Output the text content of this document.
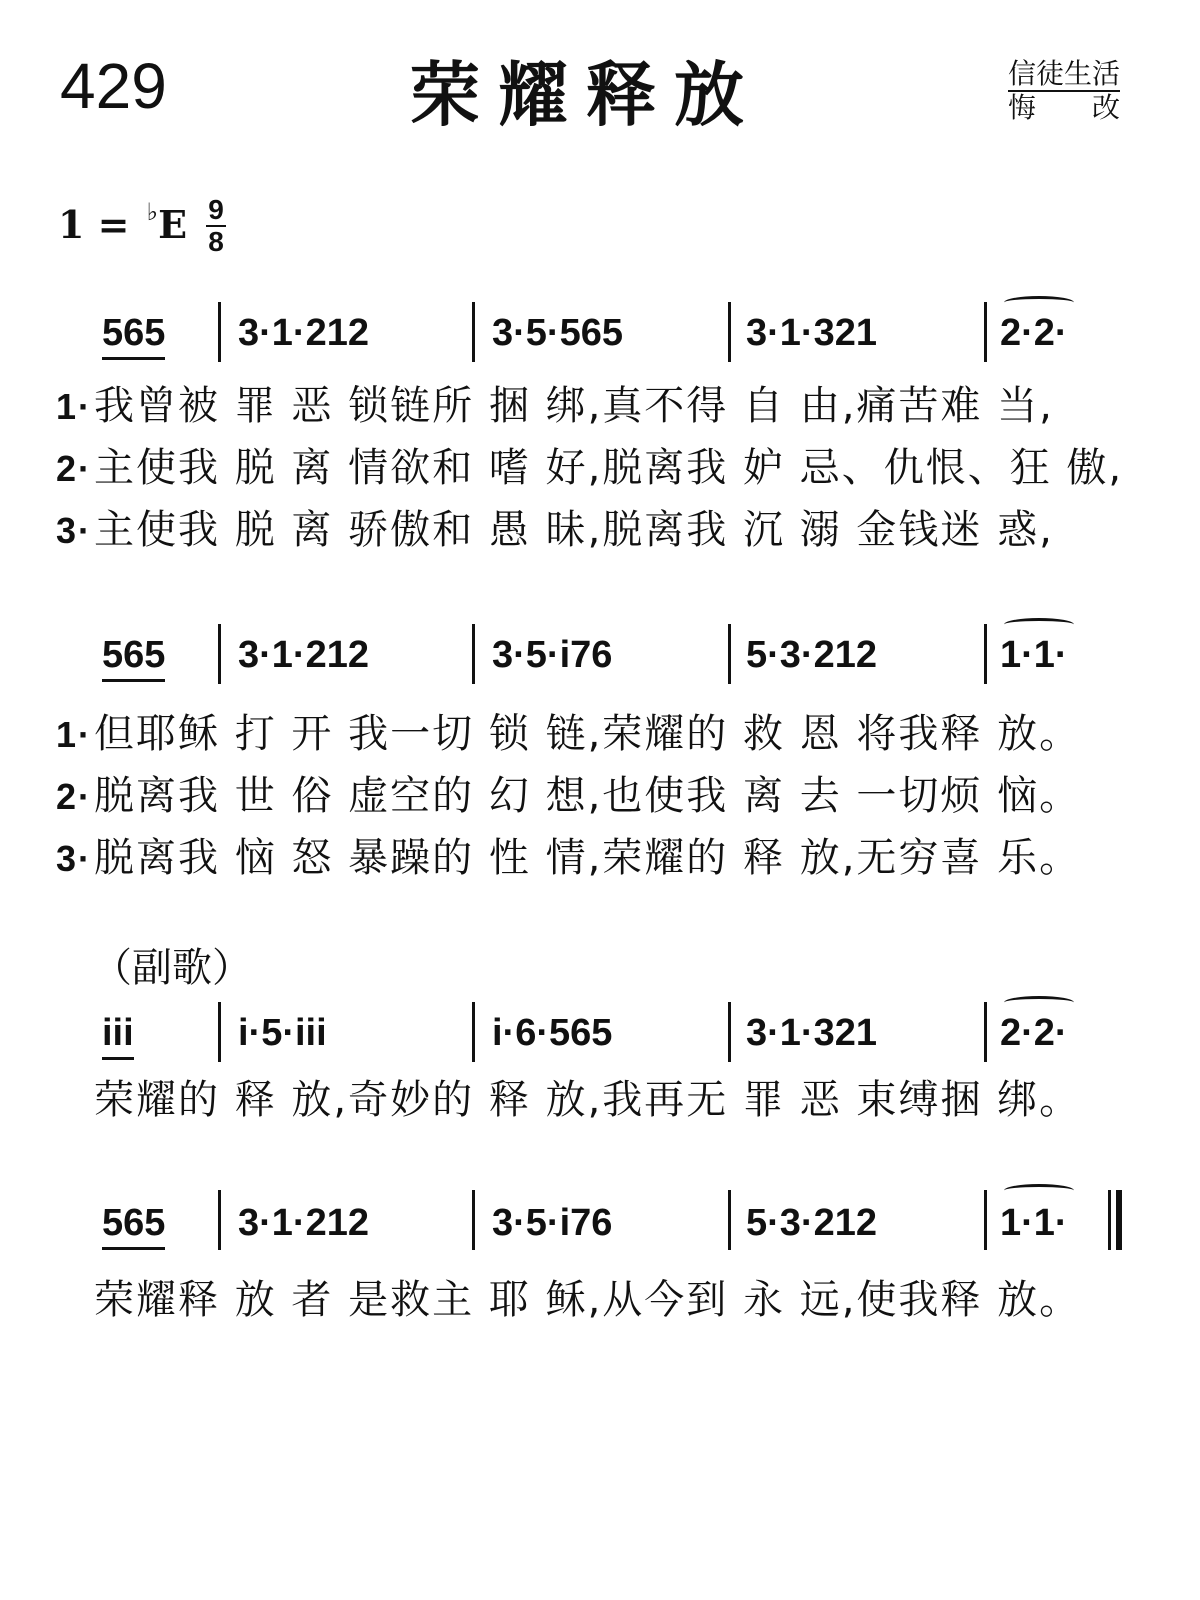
429	荣耀释放	信徒生活
悔　　改
1 = ♭E 9
8
565 3·1·212	3·5·565	3·1·321	2·2·
1·我曾被 罪 恶 锁链所 捆 绑,真不得 自 由,痛苦难 当,
2·主使我 脱 离 情欲和 嗜 好,脱离我 妒 忌、仇恨、狂 傲,
3·主使我 脱 离 骄傲和 愚 昧,脱离我 沉 溺 金钱迷 惑,
565 3·1·212	3·5·i76	5·3·212	1·1·
1·但耶稣 打 开 我一切 锁 链,荣耀的 救 恩 将我释 放。
2·脱离我 世 俗 虚空的 幻 想,也使我 离 去 一切烦 恼。
3·脱离我 恼 怒 暴躁的 性 情,荣耀的 释 放,无穷喜 乐。
（副歌）
iii	i·5·iii	i·6·565	3·1·321	2·2·
荣耀的 释 放,奇妙的 释 放,我再无 罪 恶 束缚捆 绑。
565 3·1·212	3·5·i76	5·3·212	1·1·
荣耀释 放 者 是救主 耶 稣,从今到 永 远,使我释 放。
